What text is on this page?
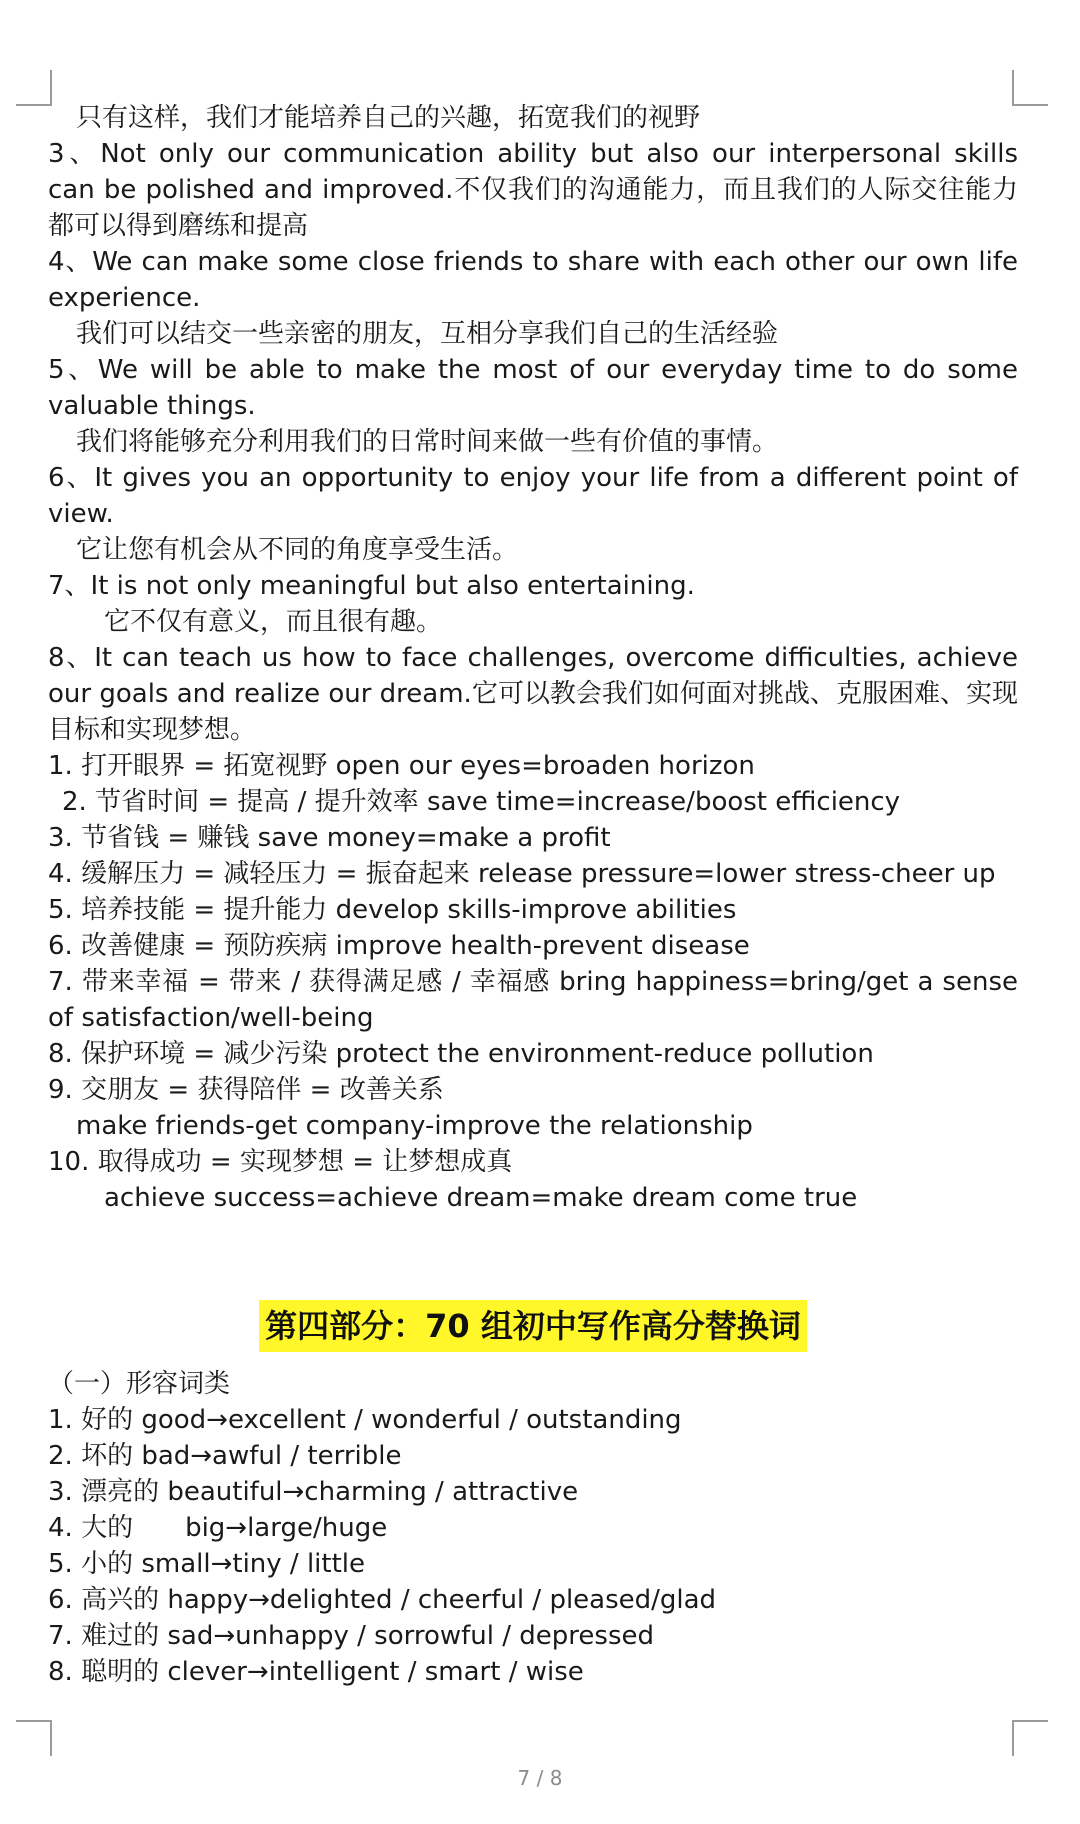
只有这样，我们才能培养自己的兴趣，拓宽我们的视野
3、Not only our communication ability but also our interpersonal skills can be polished and improved.不仅我们的沟通能力，而且我们的人际交往能力都可以得到磨练和提高
4、We can make some close friends to share with each other our own life experience.
我们可以结交一些亲密的朋友，互相分享我们自己的生活经验
5、We will be able to make the most of our everyday time to do some valuable things.
我们将能够充分利用我们的日常时间来做一些有价值的事情。
6、It gives you an opportunity to enjoy your life from a different point of view.
它让您有机会从不同的角度享受生活。
7、It is not only meaningful but also entertaining.
它不仅有意义，而且很有趣。
8、It can teach us how to face challenges, overcome difficulties, achieve our goals and realize our dream.它可以教会我们如何面对挑战、克服困难、实现目标和实现梦想。
1. 打开眼界 = 拓宽视野 open our eyes=broaden horizon
2. 节省时间 = 提高 / 提升效率 save time=increase/boost efficiency
3. 节省钱 = 赚钱 save money=make a profit
4. 缓解压力 = 减轻压力 = 振奋起来 release pressure=lower stress-cheer up
5. 培养技能 = 提升能力 develop skills-improve abilities
6. 改善健康 = 预防疾病 improve health-prevent disease
7. 带来幸福 = 带来 / 获得满足感 / 幸福感 bring happiness=bring/get a sense of satisfaction/well-being
8. 保护环境 = 减少污染 protect the environment-reduce pollution
9. 交朋友 = 获得陪伴 = 改善关系
make friends-get company-improve the relationship
10. 取得成功 = 实现梦想 = 让梦想成真
achieve success=achieve dream=make dream come true
第四部分：70 组初中写作高分替换词
（一）形容词类
1. 好的 good→excellent / wonderful / outstanding
2. 坏的 bad→awful / terrible
3. 漂亮的 beautiful→charming / attractive
4. 大的　　big→large/huge
5. 小的 small→tiny / little
6. 高兴的 happy→delighted / cheerful / pleased/glad
7. 难过的 sad→unhappy / sorrowful / depressed
8. 聪明的 clever→intelligent / smart / wise
7 / 8
